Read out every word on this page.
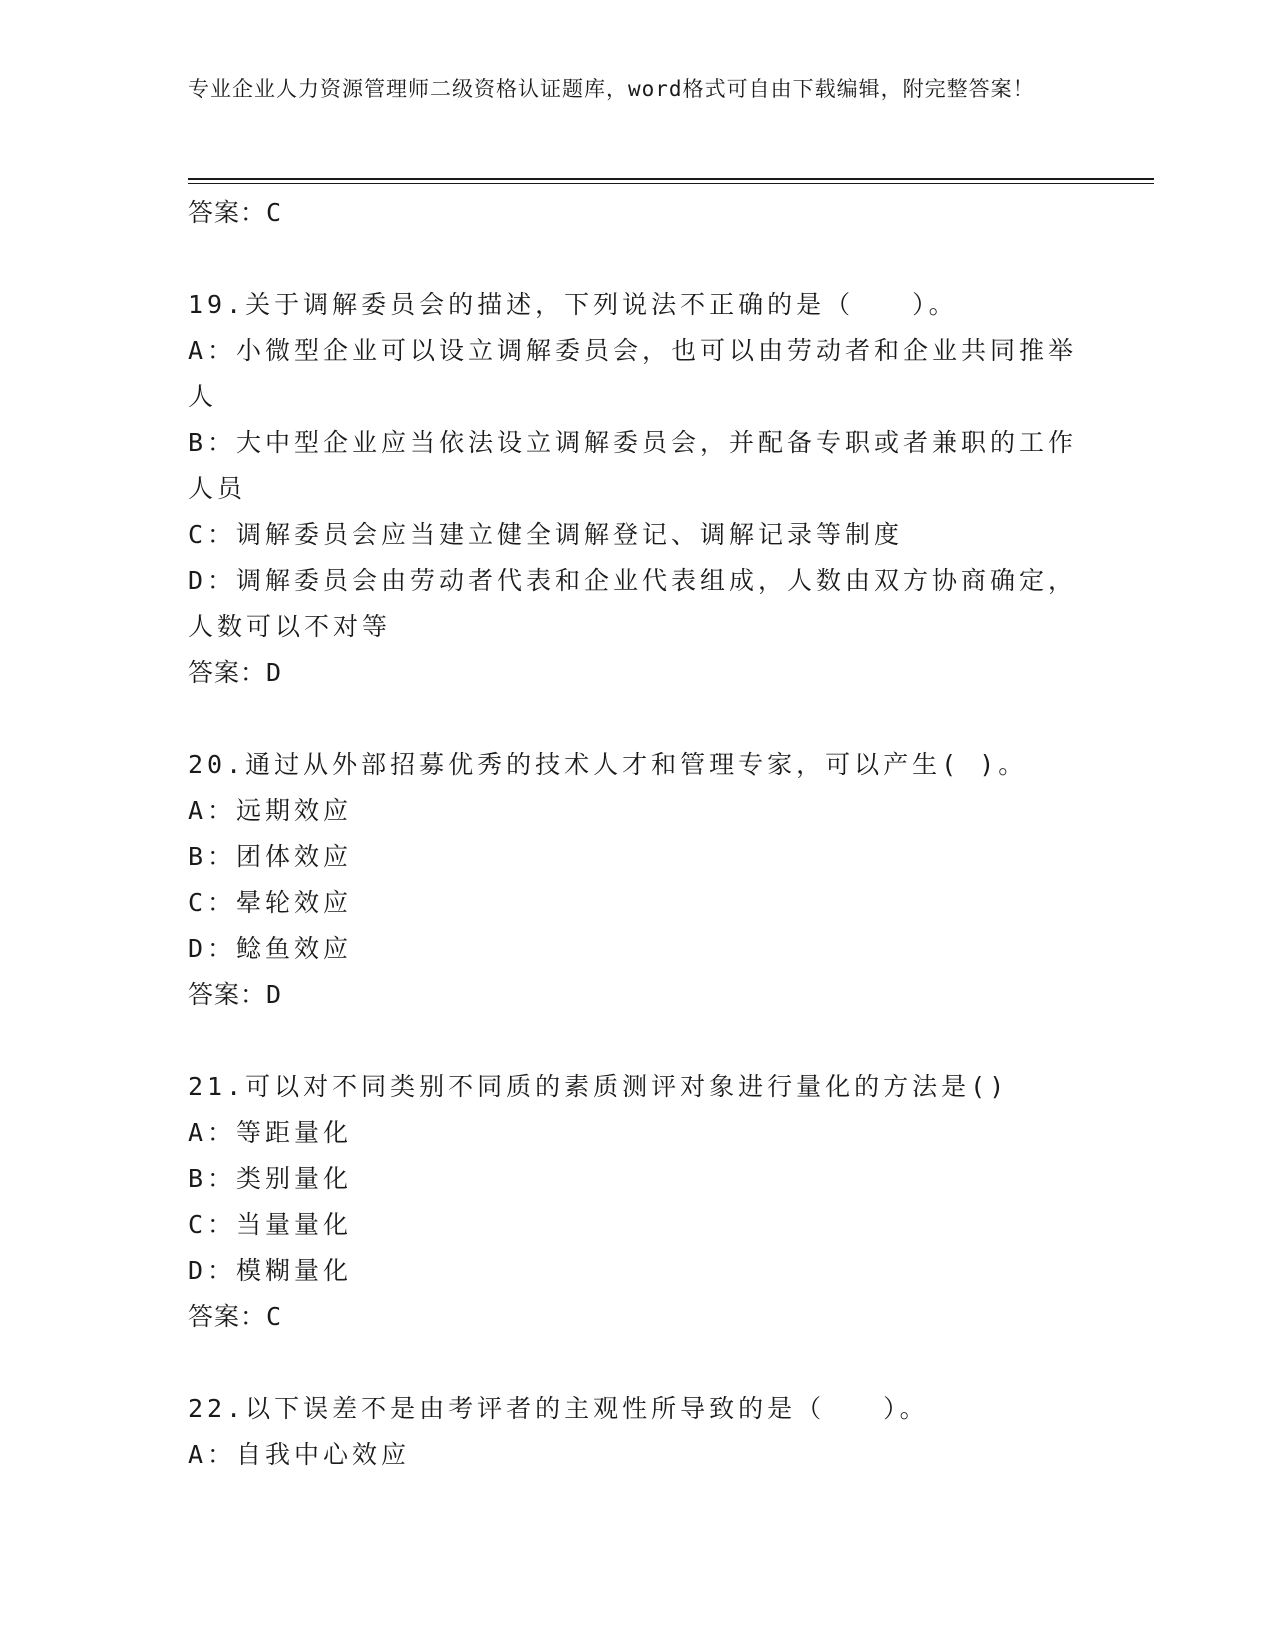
专业企业人力资源管理师二级资格认证题库，word格式可自由下载编辑，附完整答案！
答案：C
19.关于调解委员会的描述，下列说法不正确的是（　　）。
A：小微型企业可以设立调解委员会，也可以由劳动者和企业共同推举人
B：大中型企业应当依法设立调解委员会，并配备专职或者兼职的工作人员
C：调解委员会应当建立健全调解登记、调解记录等制度
D：调解委员会由劳动者代表和企业代表组成，人数由双方协商确定，人数可以不对等
答案：D
20.通过从外部招募优秀的技术人才和管理专家，可以产生( )。
A：远期效应
B：团体效应
C：晕轮效应
D：鲶鱼效应
答案：D
21.可以对不同类别不同质的素质测评对象进行量化的方法是()
A：等距量化
B：类别量化
C：当量量化
D：模糊量化
答案：C
22.以下误差不是由考评者的主观性所导致的是（　　）。
A：自我中心效应
